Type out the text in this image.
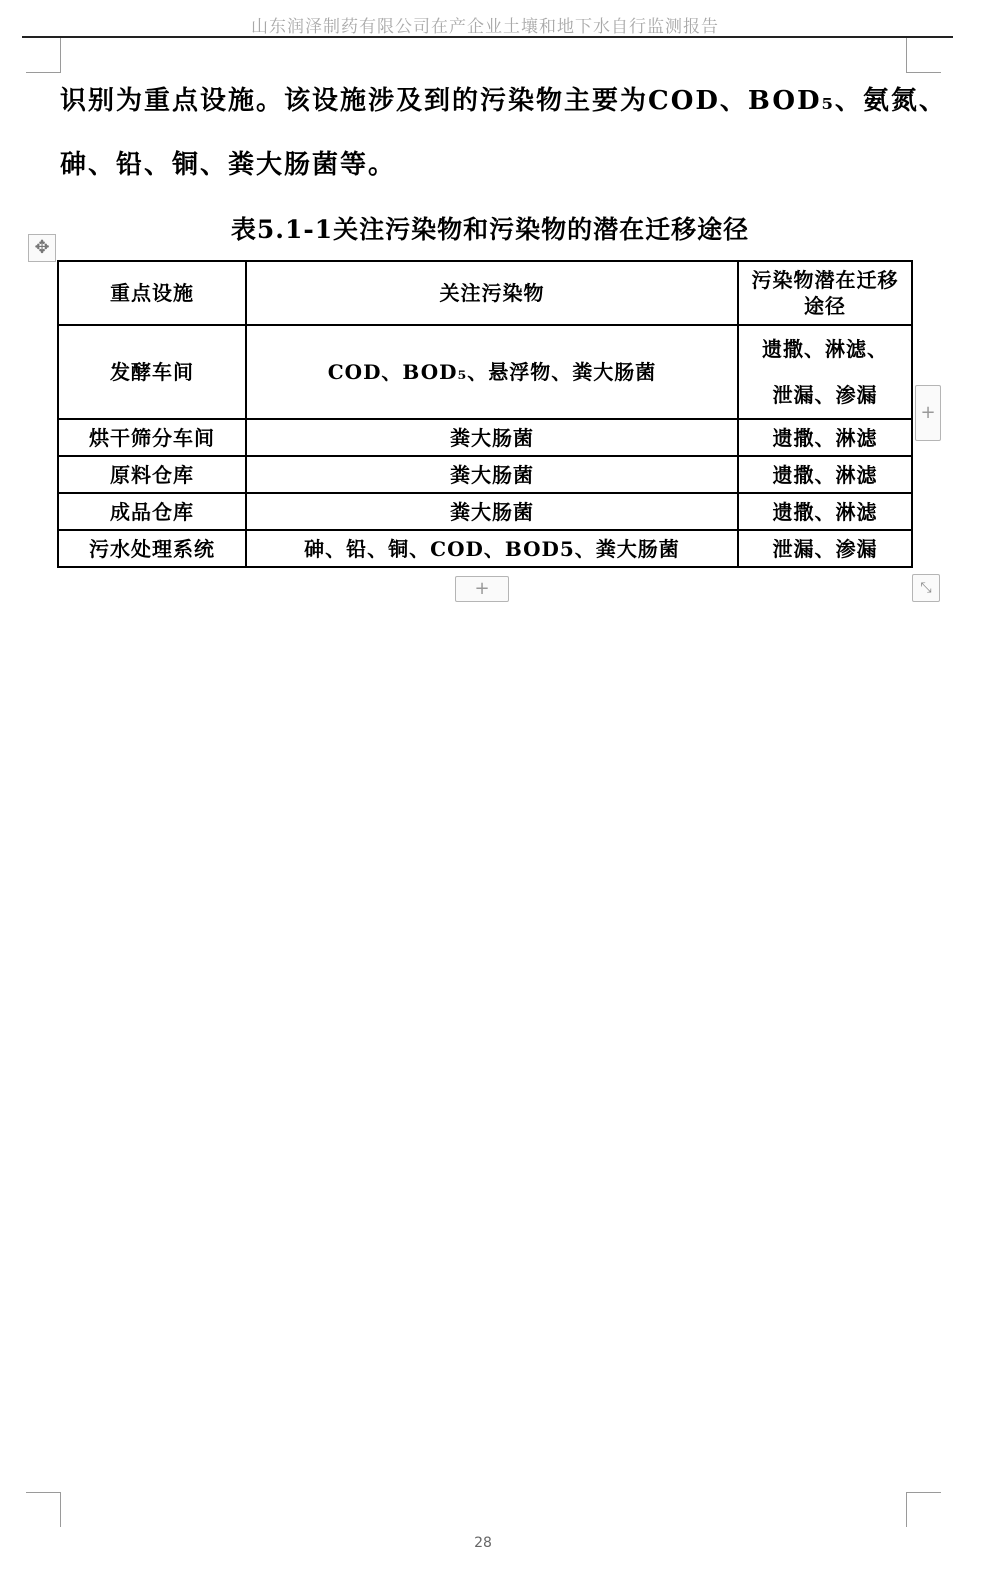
山东润泽制药有限公司在产企业土壤和地下水自行监测报告
识别为重点设施。该设施涉及到的污染物主要为COD、BOD₅、氨氮、
砷、铅、铜、粪大肠菌等。
表5.1-1关注污染物和污染物的潜在迁移途径
✥
重点设施	关注污染物	污染物潜在迁移途径
发酵车间	COD、BOD₅、悬浮物、粪大肠菌	遗撒、淋滤、
泄漏、渗漏

烘干筛分车间	粪大肠菌	遗撒、淋滤
原料仓库	粪大肠菌	遗撒、淋滤
成品仓库	粪大肠菌	遗撒、淋滤
污水处理系统	砷、铅、铜、COD、BOD5、粪大肠菌	泄漏、渗漏
+
+	⤡
28
